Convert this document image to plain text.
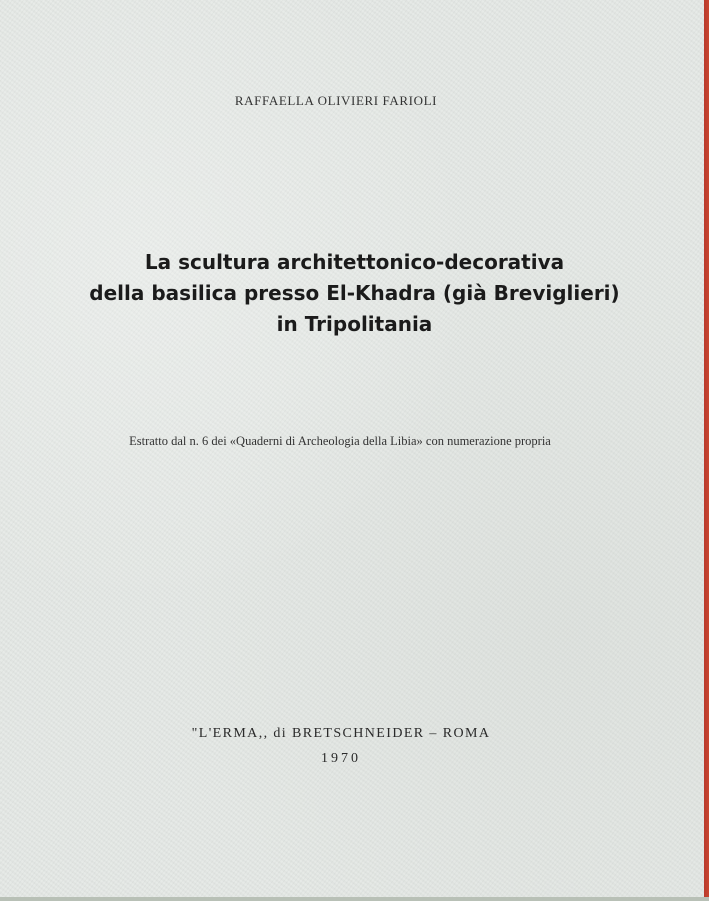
RAFFAELLA OLIVIERI FARIOLI
La scultura architettonico-decorativa
della basilica presso El-Khadra (già Breviglieri)
in Tripolitania
Estratto dal n. 6 dei «Quaderni di Archeologia della Libia» con numerazione propria
"L'ERMA,, di BRETSCHNEIDER – ROMA
1970
